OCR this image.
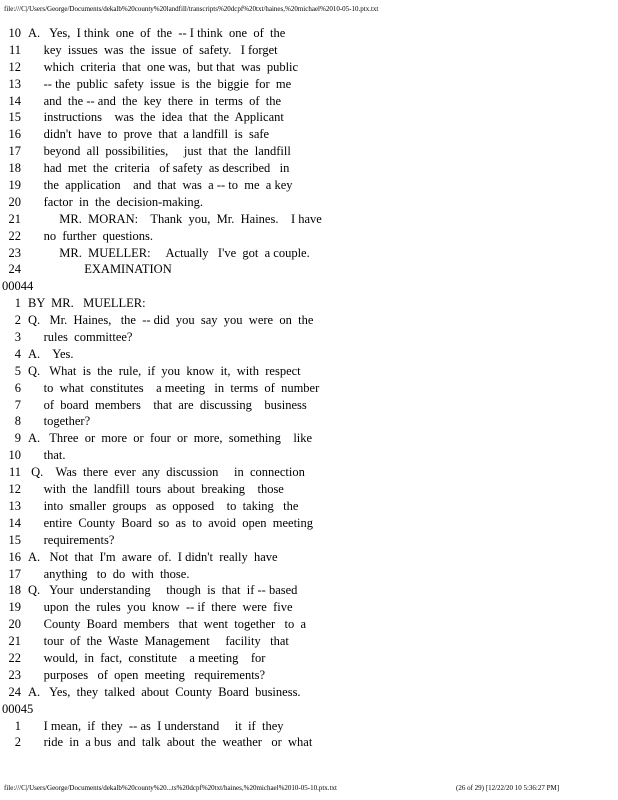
file:///C|/Users/George/Documents/dekalb%20county%20landfill/transcripts%20dcpf%20txt/haines,%20michael%2010-05-10.ptx.txt
10 A.   Yes,  I think  one  of  the  -- I think  one  of  the
11 key  issues  was  the  issue  of  safety.   I forget
12 which  criteria  that  one was,  but that  was  public
13 -- the  public  safety  issue  is  the  biggie  for  me
14 and  the -- and  the  key  there  in  terms  of  the
15 instructions    was  the  idea  that  the  Applicant
16 didn't  have  to  prove  that  a landfill  is  safe
17 beyond  all  possibilities,     just  that  the  landfill
18 had  met  the  criteria   of safety  as described   in
19 the  application    and  that  was  a -- to  me  a key
20 factor  in  the  decision-making.
21 MR.  MORAN:    Thank  you,  Mr.  Haines.    I have
22 no  further  questions.
23 MR.  MUELLER:     Actually   I've  got  a couple.
24 EXAMINATION
00044
1 BY  MR.   MUELLER:
2 Q.   Mr.  Haines,   the  -- did  you  say  you  were  on  the
3 rules  committee?
4 A.    Yes.
5 Q.   What  is  the  rule,  if  you  know  it,  with  respect
6 to  what  constitutes    a meeting   in  terms  of  number
7 of  board  members    that  are  discussing    business
8 together?
9 A.   Three  or  more  or  four  or  more,  something    like
10 that.
11 Q.    Was  there  ever  any  discussion     in  connection
12 with  the  landfill  tours  about  breaking    those
13 into  smaller  groups   as  opposed    to  taking   the
14 entire  County  Board  so  as  to  avoid  open  meeting
15 requirements?
16 A.   Not  that  I'm  aware  of.  I didn't  really  have
17 anything   to  do  with  those.
18 Q.   Your  understanding     though  is  that  if -- based
19 upon  the  rules  you  know  -- if  there  were  five
20 County  Board  members   that  went  together   to  a
21 tour  of  the  Waste  Management     facility   that
22 would,  in  fact,  constitute    a meeting    for
23 purposes   of  open  meeting   requirements?
24 A.   Yes,  they  talked  about  County  Board  business.
00045
1 I mean,  if  they  -- as  I understand     it  if  they
2 ride  in  a bus  and  talk  about  the  weather   or  what
file:///C|/Users/George/Documents/dekalb%20county%20...ts%20dcpf%20txt/haines,%20michael%2010-05-10.ptx.txt	(26 of 29) [12/22/20 10 5:36:27 PM]
